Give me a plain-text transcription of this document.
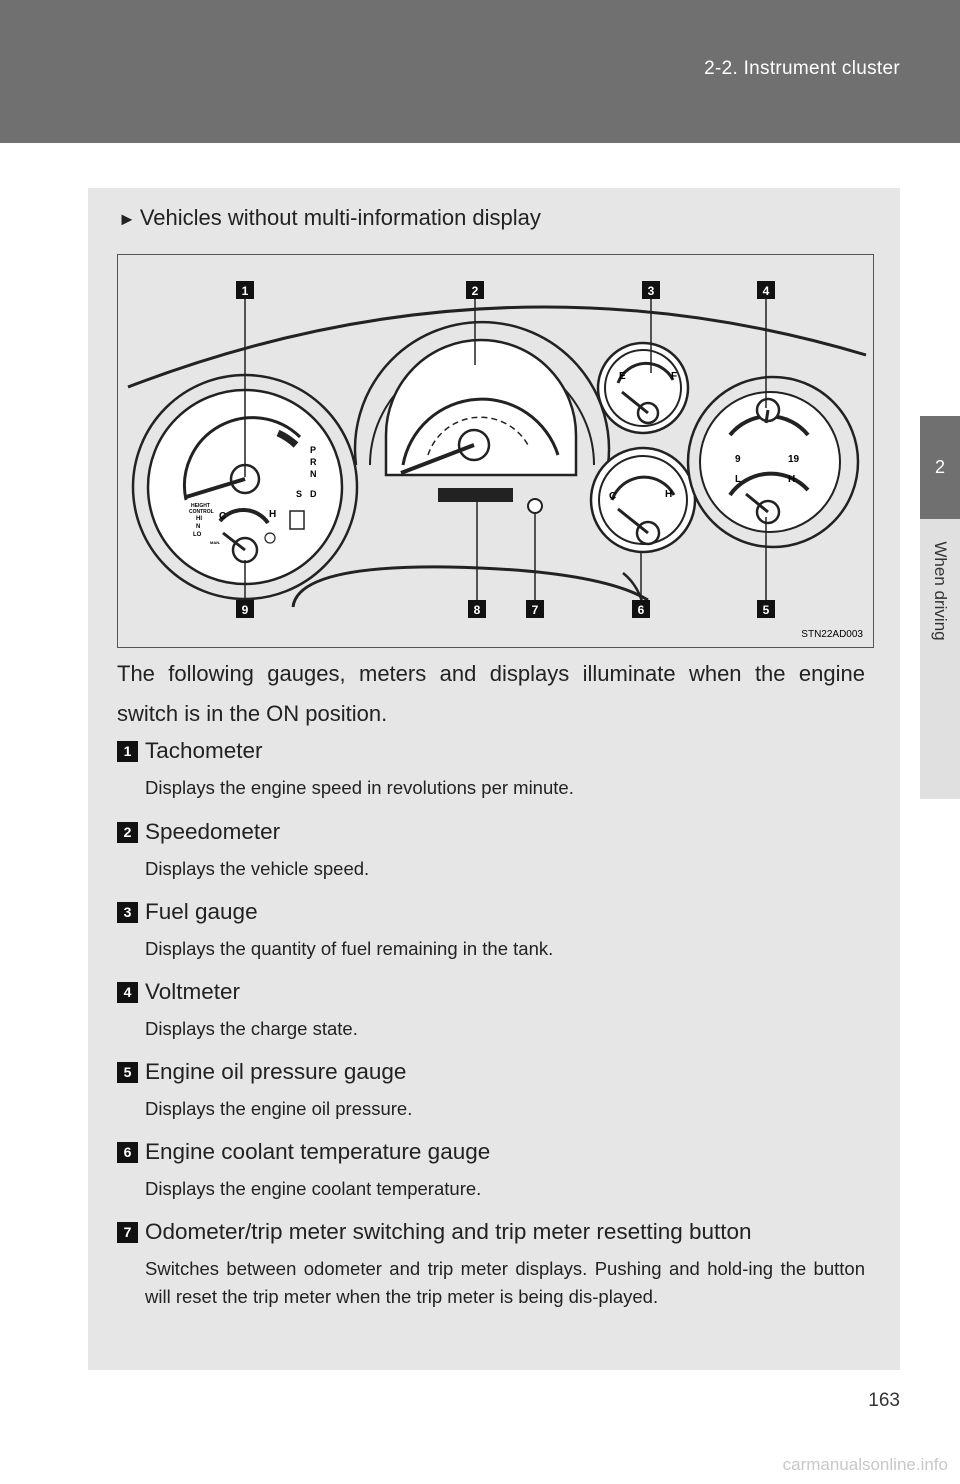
2-2. Instrument cluster
2
When driving
► Vehicles without multi-information display
P
R
N
S D
HEIGHT
CONTROL
HI
N
LO
MAN.
C	H
E	F
C	H
9	19
L	H
1	2	3	4
5
6
7
8
9
STN22AD003
The following gauges, meters and displays illuminate when the engine switch is in the ON position.
1 Tachometer
Displays the engine speed in revolutions per minute.
2 Speedometer
Displays the vehicle speed.
3 Fuel gauge
Displays the quantity of fuel remaining in the tank.
4 Voltmeter
Displays the charge state.
5 Engine oil pressure gauge
Displays the engine oil pressure.
6 Engine coolant temperature gauge
Displays the engine coolant temperature.
7 Odometer/trip meter switching and trip meter resetting button
Switches between odometer and trip meter displays. Pushing and hold-ing the button will reset the trip meter when the trip meter is being dis-played.
163
carmanualsonline.info
